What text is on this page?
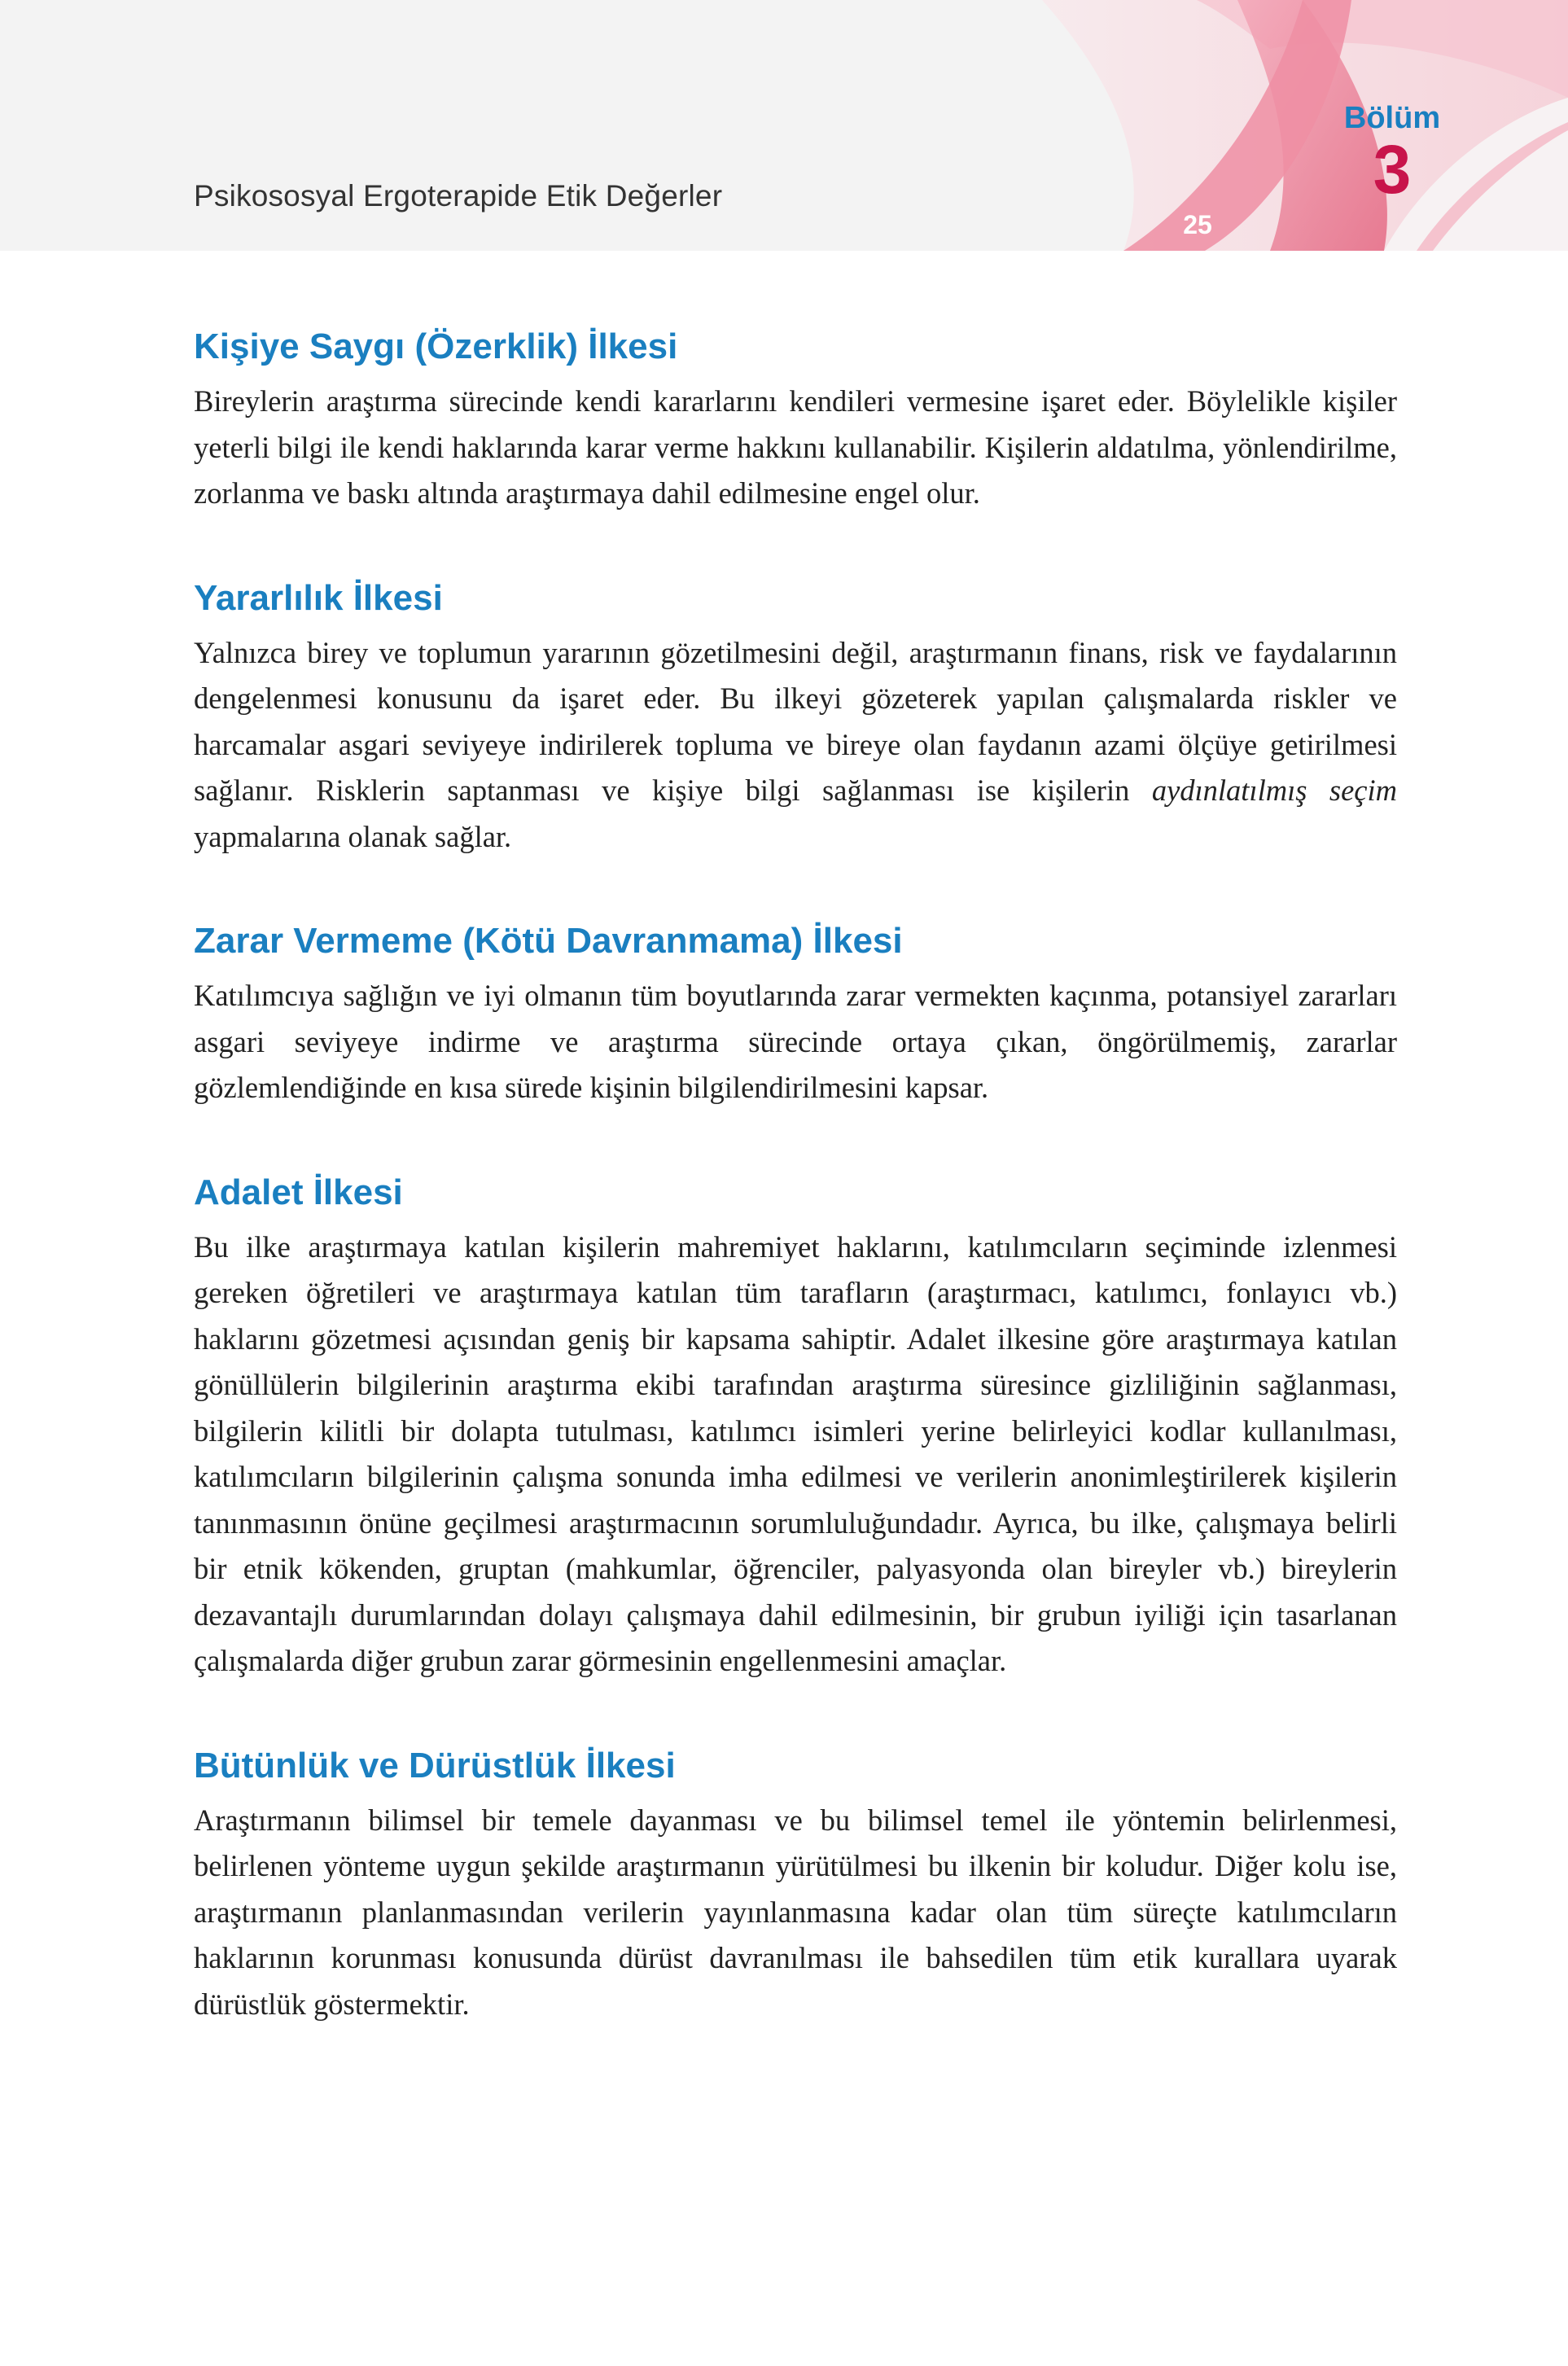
Psikososyal Ergoterapide Etik Değerler
25
Bölüm
3
Kişiye Saygı (Özerklik) İlkesi

Bireylerin araştırma sürecinde kendi kararlarını kendileri vermesine işaret eder. Böylelikle kişiler yeterli bilgi ile kendi haklarında karar verme hakkını kullanabilir. Kişilerin aldatılma, yönlendirilme, zorlanma ve baskı altında araştırmaya dahil edilmesine engel olur.

Yararlılık İlkesi

Yalnızca birey ve toplumun yararının gözetilmesini değil, araştırmanın finans, risk ve faydalarının dengelenmesi konusunu da işaret eder. Bu ilkeyi gözeterek yapılan çalışmalarda riskler ve harcamalar asgari seviyeye indirilerek topluma ve bireye olan faydanın azami ölçüye getirilmesi sağlanır. Risklerin saptanması ve kişiye bilgi sağlanması ise kişilerin aydınlatılmış seçim yapmalarına olanak sağlar.

Zarar Vermeme (Kötü Davranmama) İlkesi

Katılımcıya sağlığın ve iyi olmanın tüm boyutlarında zarar vermekten kaçınma, potansiyel zararları asgari seviyeye indirme ve araştırma sürecinde ortaya çıkan, öngörülmemiş, zararlar gözlemlendiğinde en kısa sürede kişinin bilgilendirilmesini kapsar.

Adalet İlkesi

Bu ilke araştırmaya katılan kişilerin mahremiyet haklarını, katılımcıların seçiminde izlenmesi gereken öğretileri ve araştırmaya katılan tüm tarafların (araştırmacı, katılımcı, fonlayıcı vb.) haklarını gözetmesi açısından geniş bir kapsama sahiptir. Adalet ilkesine göre araştırmaya katılan gönüllülerin bilgilerinin araştırma ekibi tarafından araştırma süresince gizliliğinin sağlanması, bilgilerin kilitli bir dolapta tutulması, katılımcı isimleri yerine belirleyici kodlar kullanılması, katılımcıların bilgilerinin çalışma sonunda imha edilmesi ve verilerin anonimleştirilerek kişilerin tanınmasının önüne geçilmesi araştırmacının sorumluluğundadır. Ayrıca, bu ilke, çalışmaya belirli bir etnik kökenden, gruptan (mahkumlar, öğrenciler, palyasyonda olan bireyler vb.) bireylerin dezavantajlı durumlarından dolayı çalışmaya dahil edilmesinin, bir grubun iyiliği için tasarlanan çalışmalarda diğer grubun zarar görmesinin engellenmesini amaçlar.

Bütünlük ve Dürüstlük İlkesi

Araştırmanın bilimsel bir temele dayanması ve bu bilimsel temel ile yöntemin belirlenmesi, belirlenen yönteme uygun şekilde araştırmanın yürütülmesi bu ilkenin bir koludur. Diğer kolu ise, araştırmanın planlanmasından verilerin yayınlanmasına kadar olan tüm süreçte katılımcıların haklarının korunması konusunda dürüst davranılması ile bahsedilen tüm etik kurallara uyarak dürüstlük göstermektir.
